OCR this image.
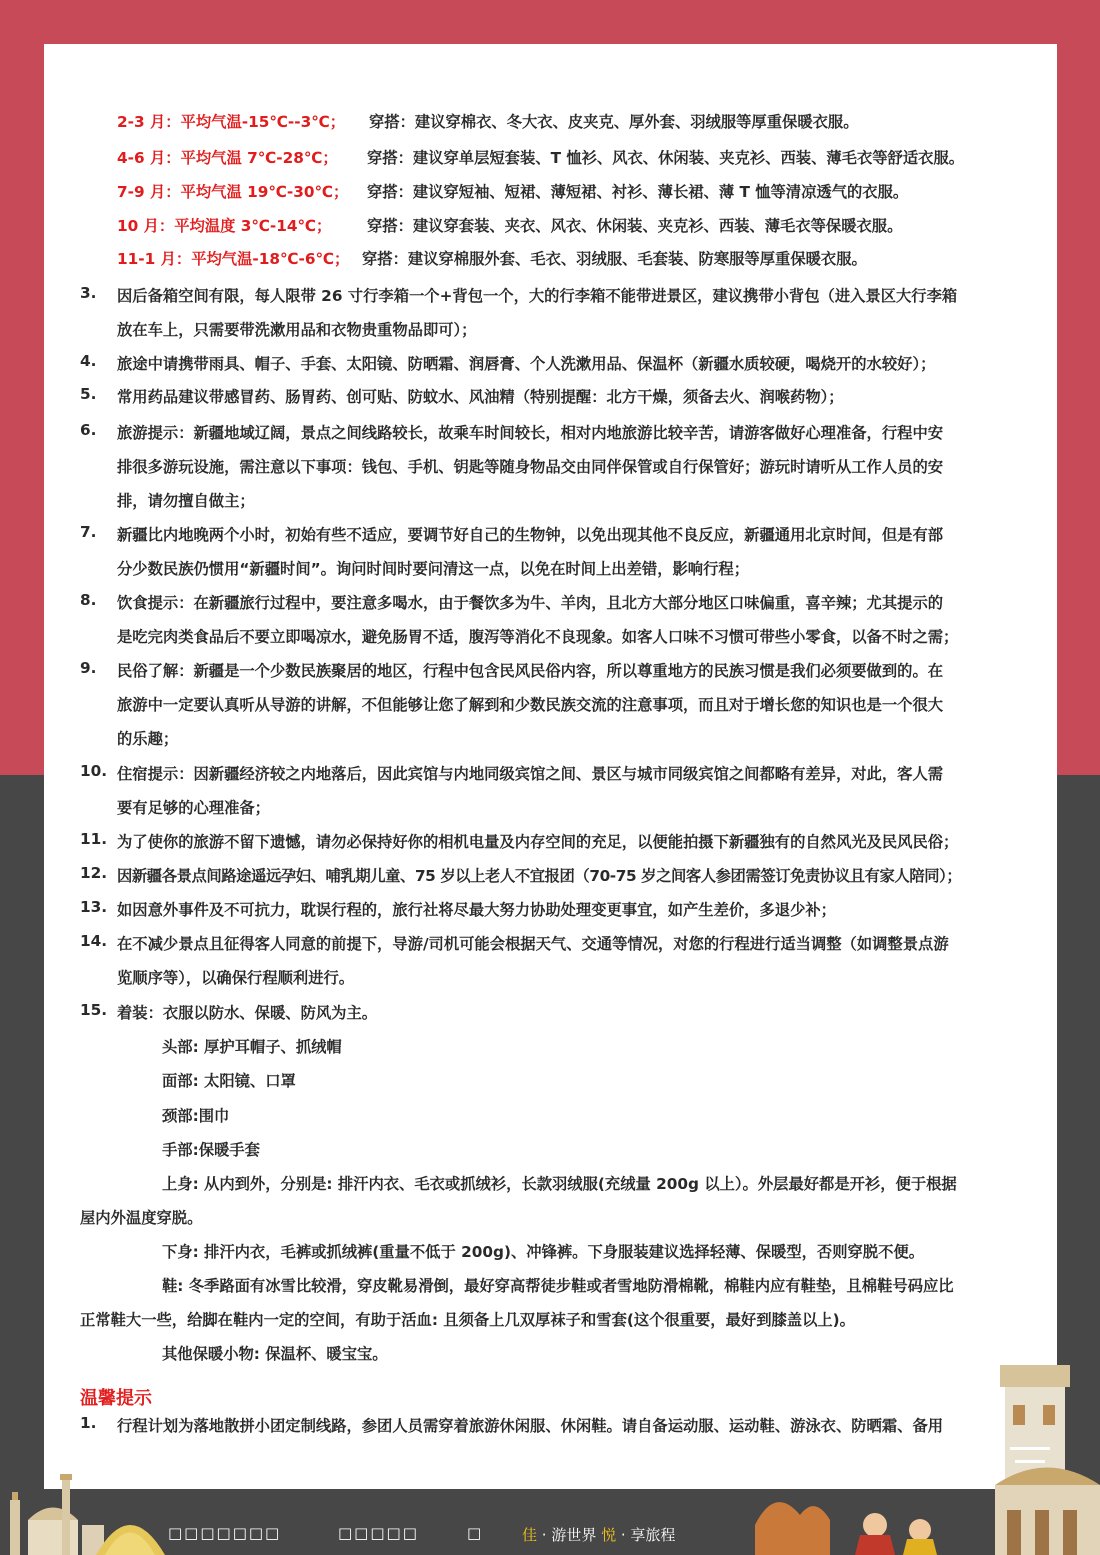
2-3 月：平均气温-15℃--3℃； 穿搭：建议穿棉衣、冬大衣、皮夹克、厚外套、羽绒服等厚重保暖衣服。
4-6 月：平均气温 7℃-28℃； 穿搭：建议穿单层短套装、T 恤衫、风衣、休闲装、夹克衫、西装、薄毛衣等舒适衣服。
7-9 月：平均气温 19℃-30℃； 穿搭：建议穿短袖、短裙、薄短裙、衬衫、薄长裙、薄 T 恤等清凉透气的衣服。
10 月：平均温度 3℃-14℃； 穿搭：建议穿套装、夹衣、风衣、休闲装、夹克衫、西装、薄毛衣等保暖衣服。
11-1 月：平均气温-18℃-6℃； 穿搭：建议穿棉服外套、毛衣、羽绒服、毛套装、防寒服等厚重保暖衣服。
3. 因后备箱空间有限，每人限带 26 寸行李箱一个+背包一个，大的行李箱不能带进景区，建议携带小背包（进入景区大行李箱
放在车上，只需要带洗漱用品和衣物贵重物品即可）；
4. 旅途中请携带雨具、帽子、手套、太阳镜、防晒霜、润唇膏、个人洗漱用品、保温杯（新疆水质较硬，喝烧开的水较好）；
5. 常用药品建议带感冒药、肠胃药、创可贴、防蚊水、风油精（特别提醒：北方干燥，须备去火、润喉药物）；
6. 旅游提示：新疆地域辽阔，景点之间线路较长，故乘车时间较长，相对内地旅游比较辛苦，请游客做好心理准备，行程中安
排很多游玩设施，需注意以下事项：钱包、手机、钥匙等随身物品交由同伴保管或自行保管好；游玩时请听从工作人员的安
排，请勿擅自做主；
7. 新疆比内地晚两个小时，初始有些不适应，要调节好自己的生物钟，以免出现其他不良反应，新疆通用北京时间，但是有部
分少数民族仍惯用“新疆时间”。询问时间时要问清这一点，以免在时间上出差错，影响行程；
8. 饮食提示：在新疆旅行过程中，要注意多喝水，由于餐饮多为牛、羊肉，且北方大部分地区口味偏重，喜辛辣；尤其提示的
是吃完肉类食品后不要立即喝凉水，避免肠胃不适，腹泻等消化不良现象。如客人口味不习惯可带些小零食，以备不时之需；
9. 民俗了解：新疆是一个少数民族聚居的地区，行程中包含民风民俗内容，所以尊重地方的民族习惯是我们必须要做到的。在
旅游中一定要认真听从导游的讲解，不但能够让您了解到和少数民族交流的注意事项，而且对于增长您的知识也是一个很大
的乐趣；
10. 住宿提示：因新疆经济较之内地落后，因此宾馆与内地同级宾馆之间、景区与城市同级宾馆之间都略有差异，对此，客人需
要有足够的心理准备；
11. 为了使你的旅游不留下遗憾，请勿必保持好你的相机电量及内存空间的充足，以便能拍摄下新疆独有的自然风光及民风民俗；
12. 因新疆各景点间路途遥远孕妇、哺乳期儿童、75 岁以上老人不宜报团（70-75 岁之间客人参团需签订免责协议且有家人陪同）；
13. 如因意外事件及不可抗力，耽误行程的，旅行社将尽最大努力协助处理变更事宜，如产生差价，多退少补；
14. 在不减少景点且征得客人同意的前提下，导游/司机可能会根据天气、交通等情况，对您的行程进行适当调整（如调整景点游
览顺序等），以确保行程顺利进行。
15. 着装：衣服以防水、保暖、防风为主。
头部: 厚护耳帽子、抓绒帽
面部: 太阳镜、口罩
颈部:围巾
手部:保暖手套
上身: 从内到外，分别是: 排汗内衣、毛衣或抓绒衫，长款羽绒服(充绒量 200g 以上）。外层最好都是开衫，便于根据
屋内外温度穿脱。
下身: 排汗内衣，毛裤或抓绒裤(重量不低于 200g)、冲锋裤。下身服装建议选择轻薄、保暖型，否则穿脱不便。
鞋: 冬季路面有冰雪比较滑，穿皮靴易滑倒，最好穿高帮徒步鞋或者雪地防滑棉靴，棉鞋内应有鞋垫，且棉鞋号码应比
正常鞋大一些，给脚在鞋内一定的空间，有助于活血: 且须备上几双厚袜子和雪套(这个很重要，最好到膝盖以上)。
其他保暖小物: 保温杯、暖宝宝。
温馨提示
1. 行程计划为落地散拼小团定制线路，参团人员需穿着旅游休闲服、休闲鞋。请自备运动服、运动鞋、游泳衣、防晒霜、备用
□□□□□□□	□□□□□	□	佳 · 游世界 悦 · 享旅程
